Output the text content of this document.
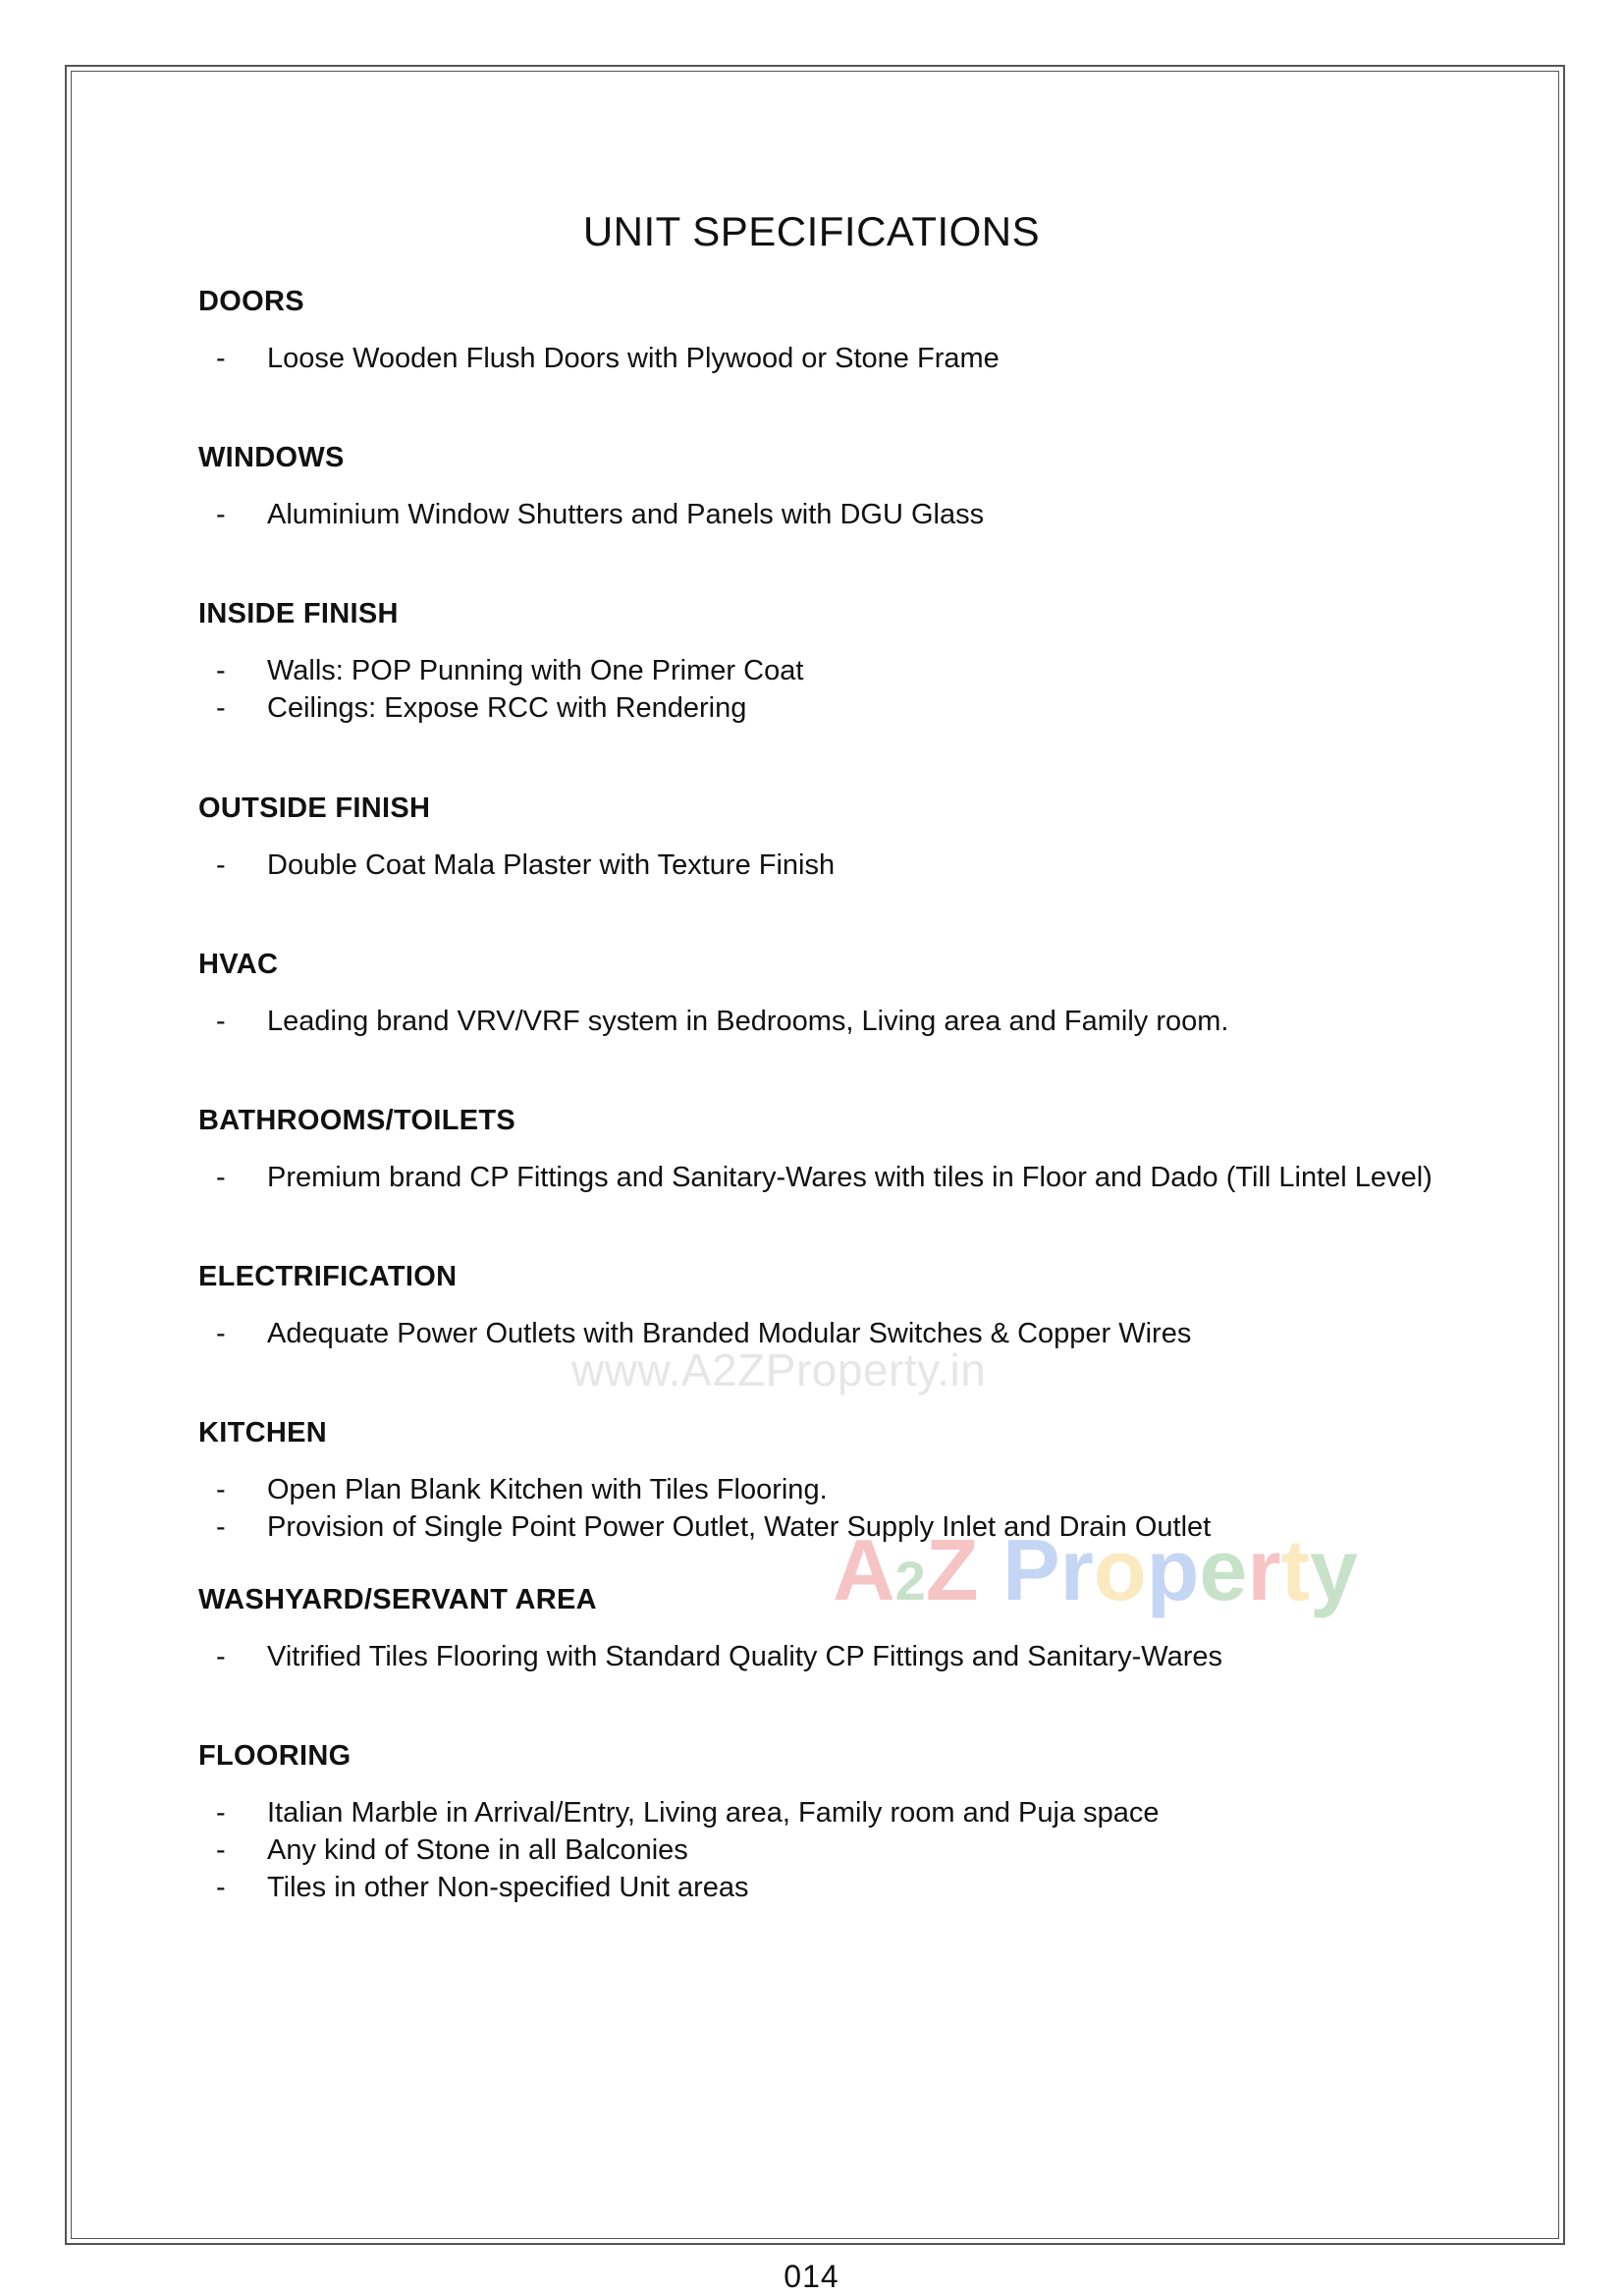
UNIT SPECIFICATIONS
DOORS
- Loose Wooden Flush Doors with Plywood or Stone Frame
WINDOWS
- Aluminium Window Shutters and Panels with DGU Glass
INSIDE FINISH
- Walls: POP Punning with One Primer Coat
- Ceilings: Expose RCC with Rendering
OUTSIDE FINISH
- Double Coat Mala Plaster with Texture Finish
HVAC
- Leading brand VRV/VRF system in Bedrooms, Living area and Family room.
BATHROOMS/TOILETS
- Premium brand CP Fittings and Sanitary-Wares with tiles in Floor and Dado (Till Lintel Level)
ELECTRIFICATION
- Adequate Power Outlets with Branded Modular Switches & Copper Wires
KITCHEN
- Open Plan Blank Kitchen with Tiles Flooring.
- Provision of Single Point Power Outlet, Water Supply Inlet and Drain Outlet
WASHYARD/SERVANT AREA
- Vitrified Tiles Flooring with Standard Quality CP Fittings and Sanitary-Wares
FLOORING
- Italian Marble in Arrival/Entry, Living area, Family room and Puja space
- Any kind of Stone in all Balconies
- Tiles in other Non-specified Unit areas
www.A2ZProperty.in
A2Z Property
014
